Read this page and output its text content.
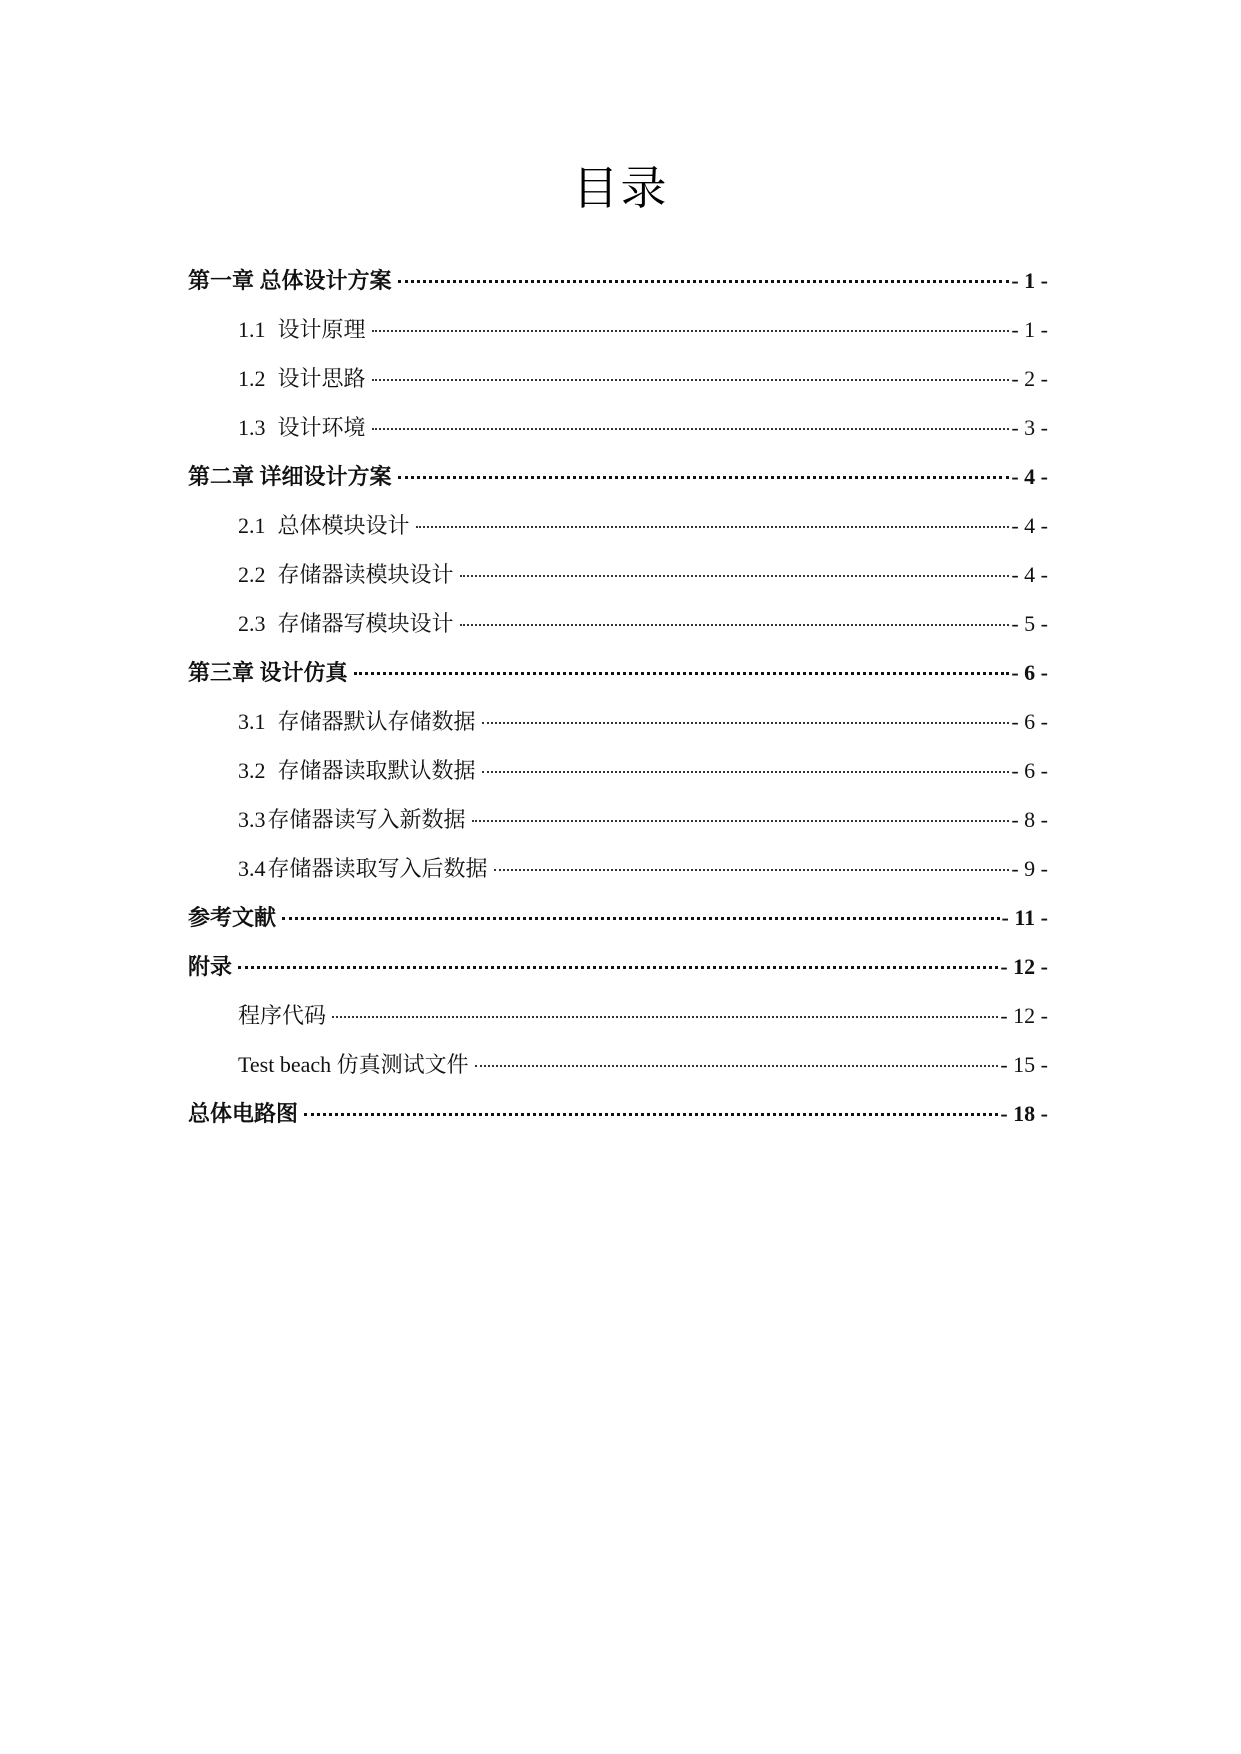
目录
第一章 总体设计方案	- 1 -
1.1 设计原理	- 1 -
1.2 设计思路	- 2 -
1.3 设计环境	- 3 -
第二章 详细设计方案	- 4 -
2.1 总体模块设计	- 4 -
2.2 存储器读模块设计	- 4 -
2.3 存储器写模块设计	- 5 -
第三章 设计仿真	- 6 -
3.1 存储器默认存储数据	- 6 -
3.2 存储器读取默认数据	- 6 -
3.3存储器读写入新数据	- 8 -
3.4存储器读取写入后数据	- 9 -
参考文献	- 11 -
附录	- 12 -
程序代码	- 12 -
Test beach 仿真测试文件	- 15 -
总体电路图	- 18 -
